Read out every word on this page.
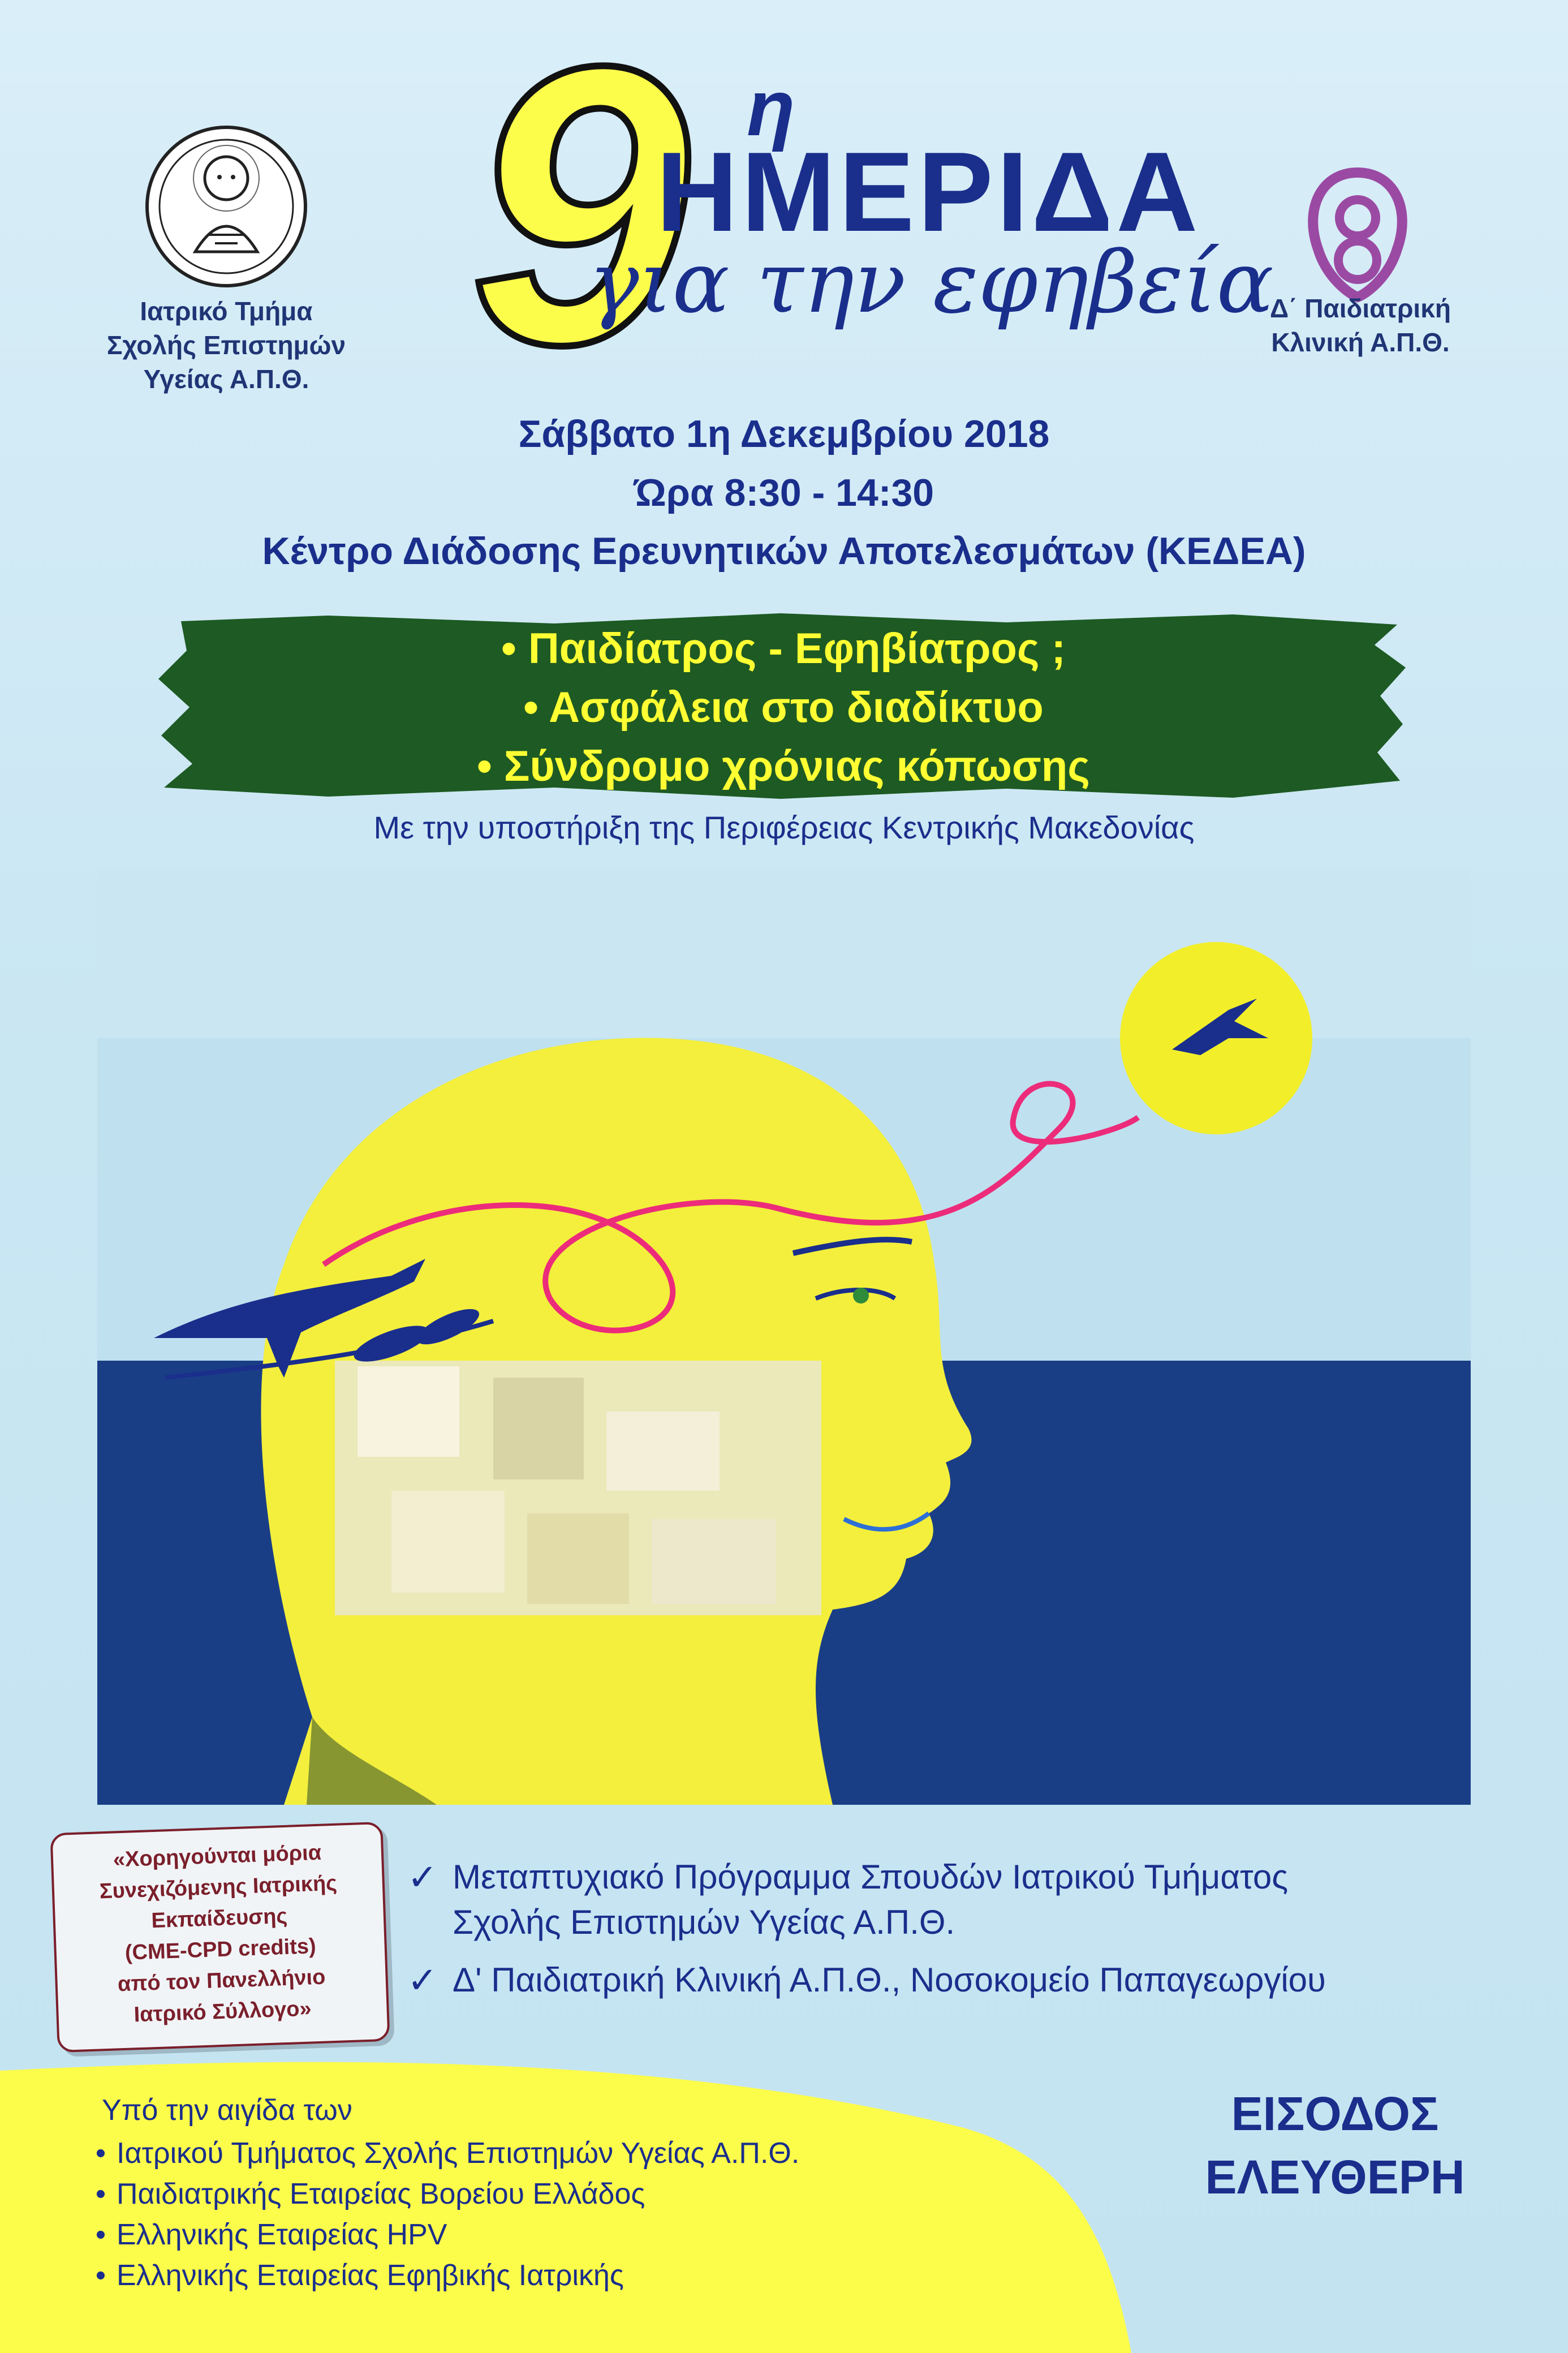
Ιατρικό Τμήμα
Σχολής Επιστημών
Υγείας Α.Π.Θ.
Δ΄ Παιδιατρική
Κλινική Α.Π.Θ.
9 η
ΗΜΕΡΙΔΑ
για την εφηβεία
Σάββατο 1η Δεκεμβρίου 2018
Ώρα 8:30 - 14:30
Κέντρο Διάδοσης Ερευνητικών Αποτελεσμάτων (ΚΕΔΕΑ)
• Παιδίατρος - Εφηβίατρος ;
• Ασφάλεια στο διαδίκτυο
• Σύνδρομο χρόνιας κόπωσης
Με την υποστήριξη της Περιφέρειας Κεντρικής Μακεδονίας
«Χορηγούνται μόρια
Συνεχιζόμενης Ιατρικής
Εκπαίδευσης
(CME-CPD credits)
από τον Πανελλήνιο
Ιατρικό Σύλλογο»
✓ Μεταπτυχιακό Πρόγραμμα Σπουδών Ιατρικού Τμήματος
Σχολής Επιστημών Υγείας Α.Π.Θ.
✓ Δ' Παιδιατρική Κλινική Α.Π.Θ., Νοσοκομείο Παπαγεωργίου
Υπό την αιγίδα των
• Ιατρικού Τμήματος Σχολής Επιστημών Υγείας Α.Π.Θ.
• Παιδιατρικής Εταιρείας Βορείου Ελλάδος
• Ελληνικής Εταιρείας HPV
• Ελληνικής Εταιρείας Εφηβικής Ιατρικής
ΕΙΣΟΔΟΣ
ΕΛΕΥΘΕΡΗ
